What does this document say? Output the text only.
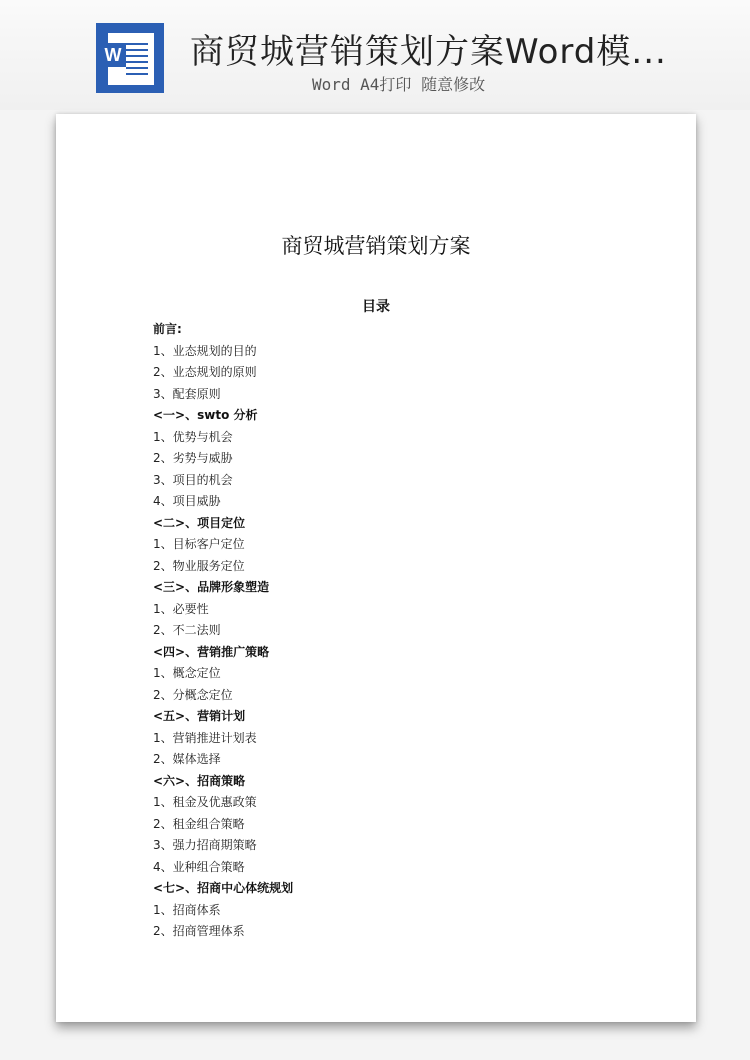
W 商贸城营销策划方案Word模...
Word A4打印 随意修改
商贸城营销策划方案
目录
前言:
1、业态规划的目的
2、业态规划的原则
3、配套原则
<一>、swto 分析
1、优势与机会
2、劣势与威胁
3、项目的机会
4、项目威胁
<二>、项目定位
1、目标客户定位
2、物业服务定位
<三>、品牌形象塑造
1、必要性
2、不二法则
<四>、营销推广策略
1、概念定位
2、分概念定位
<五>、营销计划
1、营销推进计划表
2、媒体选择
<六>、招商策略
1、租金及优惠政策
2、租金组合策略
3、强力招商期策略
4、业种组合策略
<七>、招商中心体统规划
1、招商体系
2、招商管理体系
